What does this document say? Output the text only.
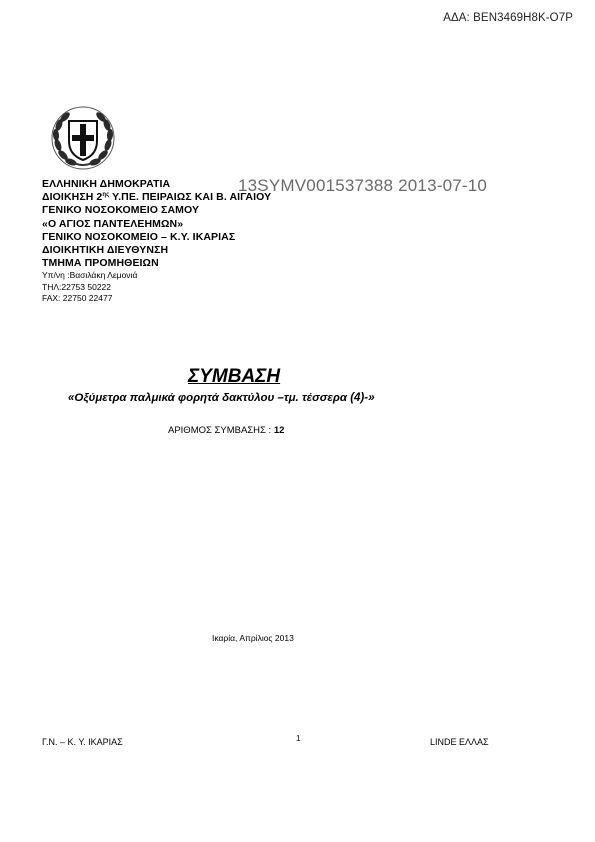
ΑΔΑ: ΒΕΝ3469Η8Κ-Ο7Ρ
13SYMV001537388 2013-07-10
ΕΛΛΗΝΙΚΗ ΔΗΜΟΚΡΑΤΙΑ
ΔΙΟΙΚΗΣΗ $2^{\eta\varsigma}$ Υ.ΠΕ. ΠΕΙΡΑΙΩΣ ΚΑΙ Β. ΑΙΓΑΙΟΥ
ΓΕΝΙΚΟ ΝΟΣΟΚΟΜΕΙΟ ΣΑΜΟΥ
«Ο ΑΓΙΟΣ ΠΑΝΤΕΛΕΗΜΩΝ»
ΓΕΝΙΚΟ ΝΟΣΟΚΟΜΕΙΟ – Κ.Υ. ΙΚΑΡΙΑΣ
ΔΙΟΙΚΗΤΙΚΗ ΔΙΕΥΘΥΝΣΗ
ΤΜΗΜΑ ΠΡΟΜΗΘΕΙΩΝ
Υπ/νη :Βασιλάκη Λεμονιά
ΤΗΛ:22753 50222
FAX: 22750 22477
ΣΥΜΒΑΣΗ
«Οξύμετρα παλμικά φορητά δακτύλου –τμ. τέσσερα (4)-»
ΑΡΙΘΜΟΣ ΣΥΜΒΑΣΗΣ : 12
Ικαρία, Απρίλιος 2013
Γ.Ν. – Κ. Υ. ΙΚΑΡΙΑΣ	1	LINDE ΕΛΛΑΣ
